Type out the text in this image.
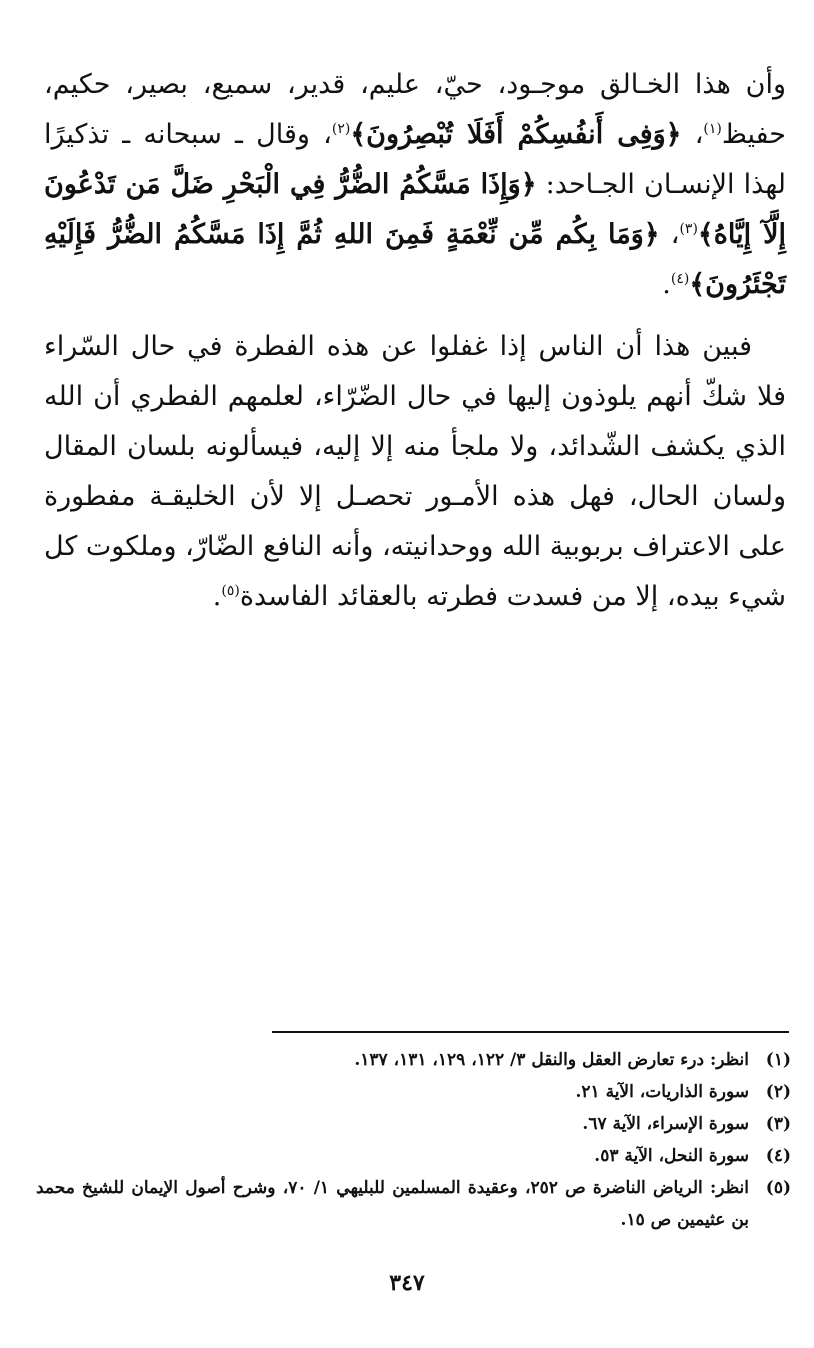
وأن هذا الخـالق موجـود، حيّ، عليم، قدير، سميع، بصير، حكيم، حفيظ$^{(١)}$، ﴿وَفِى أَنفُسِكُمْ أَفَلَا تُبْصِرُونَ﴾$^{(٢)}$، وقال ـ سبحانه ـ تذكيرًا لهذا الإنسـان الجـاحد: ﴿وَإِذَا مَسَّكُمُ الضُّرُّ فِي الْبَحْرِ ضَلَّ مَن تَدْعُونَ إِلَّآ إِيَّاهُ﴾$^{(٣)}$، ﴿وَمَا بِكُم مِّن نِّعْمَةٍ فَمِنَ اللهِ ثُمَّ إِذَا مَسَّكُمُ الضُّرُّ فَإِلَيْهِ تَجْئَرُونَ﴾$^{(٤)}$.

فبين هذا أن الناس إذا غفلوا عن هذه الفطرة في حال السّراء فلا شكّ أنهم يلوذون إليها في حال الضّرّاء، لعلمهم الفطري أن الله الذي يكشف الشّدائد، ولا ملجأ منه إلا إليه، فيسألونه بلسان المقال ولسان الحال، فهل هذه الأمـور تحصـل إلا لأن الخليقـة مفطورة على الاعتراف بربوبية الله ووحدانيته، وأنه النافع الضّارّ، وملكوت كل شيء بيده، إلا من فسدت فطرته بالعقائد الفاسدة$^{(٥)}$.

(١)
انظر: درء تعارض العقل والنقل ٣/ ١٢٢، ١٢٩، ١٣١، ١٣٧.
(٢)
سورة الذاريات، الآية ٢١.
(٣)
سورة الإسراء، الآية ٦٧.
(٤)
سورة النحل، الآية ٥٣.
(٥)
انظر: الرياض الناضرة ص ٢٥٢، وعقيدة المسلمين للبليهي ١/ ٧٠، وشرح أصول الإيمان للشيخ محمد بن عثيمين ص ١٥.
٣٤٧
